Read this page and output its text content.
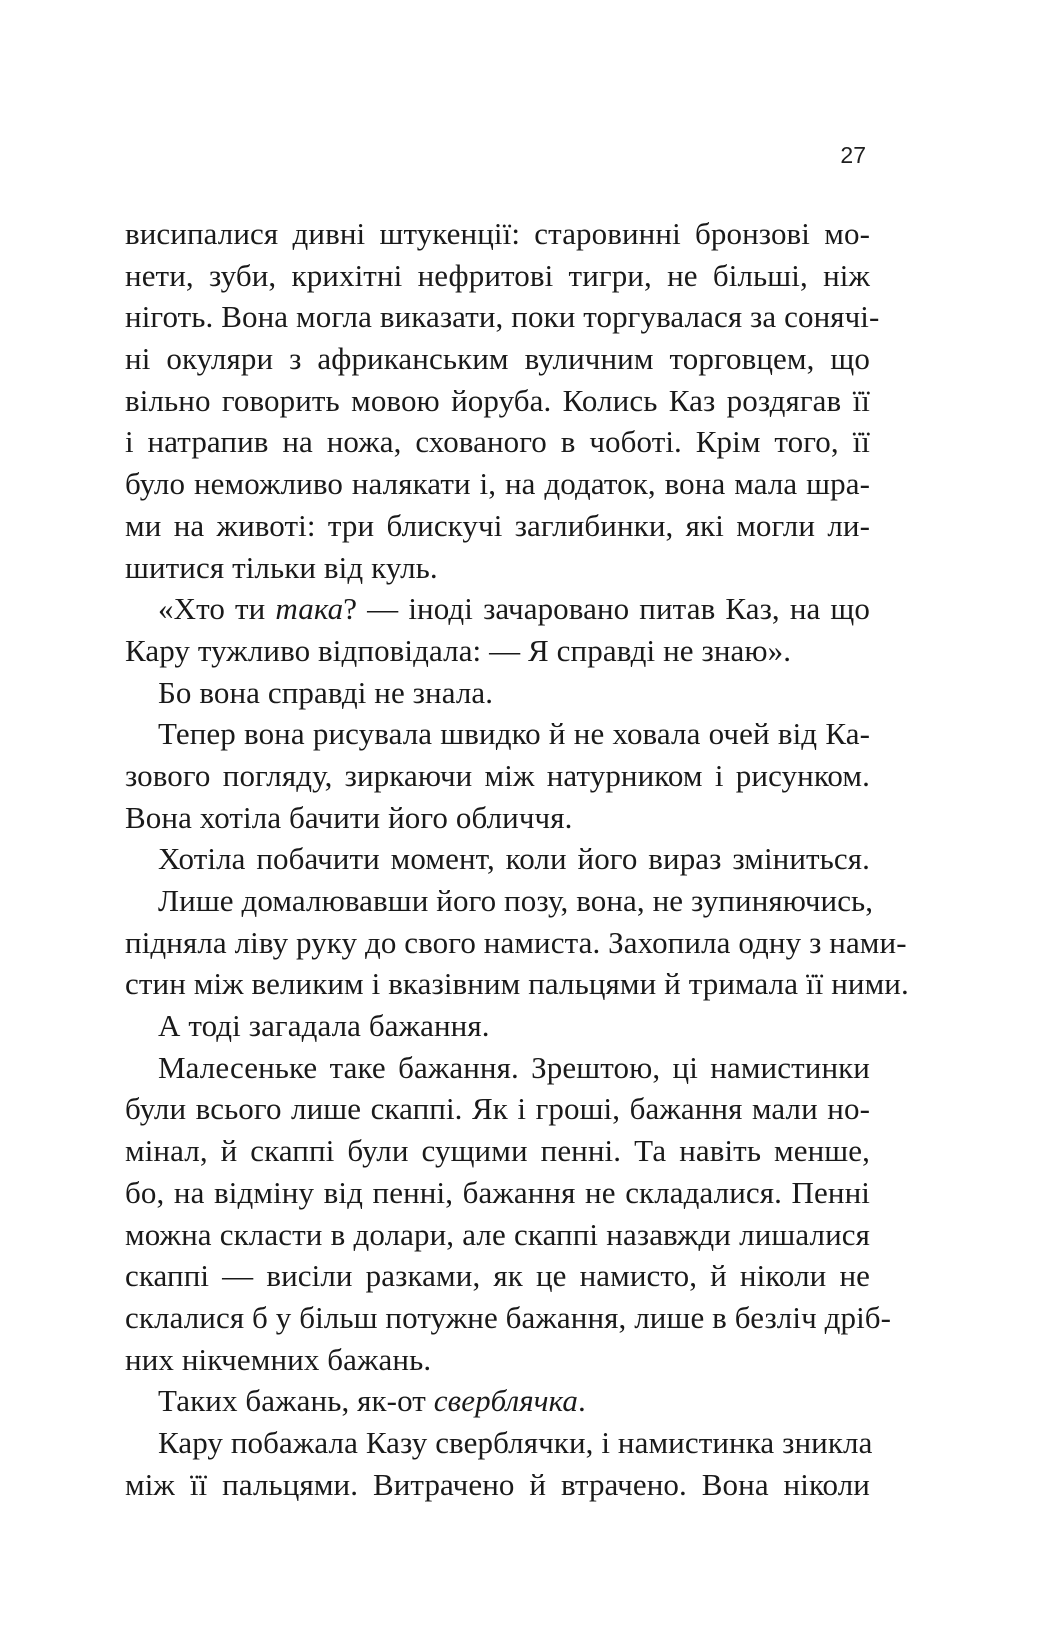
27
висипалися дивні штукенції: старовинні бронзові мо-
нети, зуби, крихітні нефритові тигри, не більші, ніж
ніготь. Вона могла виказати, поки торгувалася за сонячі-
ні окуляри з африканським вуличним торговцем, що
вільно говорить мовою йоруба. Колись Каз роздягав її
і натрапив на ножа, схованого в чоботі. Крім того, її
було неможливо налякати і, на додаток, вона мала шра-
ми на животі: три блискучі заглибинки, які могли ли-
шитися тільки від куль.
«Хто ти така? — іноді зачаровано питав Каз, на що
Кару тужливо відповідала: — Я справді не знаю».
Бо вона справді не знала.
Тепер вона рисувала швидко й не ховала очей від Ка-
зового погляду, зиркаючи між натурником і рисунком.
Вона хотіла бачити його обличчя.
Хотіла побачити момент, коли його вираз зміниться.
Лише домалювавши його позу, вона, не зупиняючись,
підняла ліву руку до свого намиста. Захопила одну з нами-
стин між великим і вказівним пальцями й тримала її ними.
А тоді загадала бажання.
Малесеньке таке бажання. Зрештою, ці намистинки
були всього лише скаппі. Як і гроші, бажання мали но-
мінал, й скаппі були сущими пенні. Та навіть менше,
бо, на відміну від пенні, бажання не складалися. Пенні
можна скласти в долари, але скаппі назавжди лишалися
скаппі — висіли разками, як це намисто, й ніколи не
склалися б у більш потужне бажання, лише в безліч дріб-
них нікчемних бажань.
Таких бажань, як-от сверблячка.
Кару побажала Казу сверблячки, і намистинка зникла
між її пальцями. Витрачено й втрачено. Вона ніколи
